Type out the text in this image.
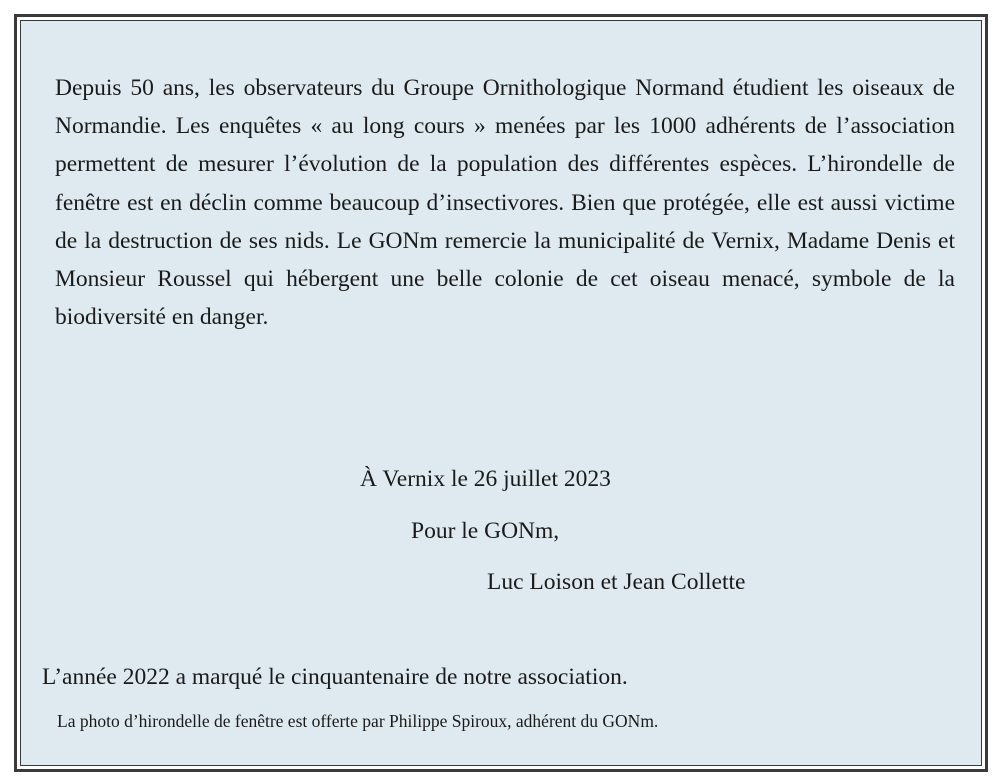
Depuis 50 ans, les observateurs du Groupe Ornithologique Normand étudient les oiseaux de Normandie. Les enquêtes « au long cours » menées par les 1000 adhérents de l’association permettent de mesurer l’évolution de la population des différentes espèces. L’hirondelle de fenêtre est en déclin comme beaucoup d’insectivores. Bien que protégée, elle est aussi victime de la destruction de ses nids. Le GONm remercie la municipalité de Vernix, Madame Denis et Monsieur Roussel qui hébergent une belle colonie de cet oiseau menacé, symbole de la biodiversité en danger.

À Vernix le 26 juillet 2023

Pour le GONm,

Luc Loison et Jean Collette

L’année 2022 a marqué le cinquantenaire de notre association.

La photo d’hirondelle de fenêtre est offerte par Philippe Spiroux, adhérent du GONm.
